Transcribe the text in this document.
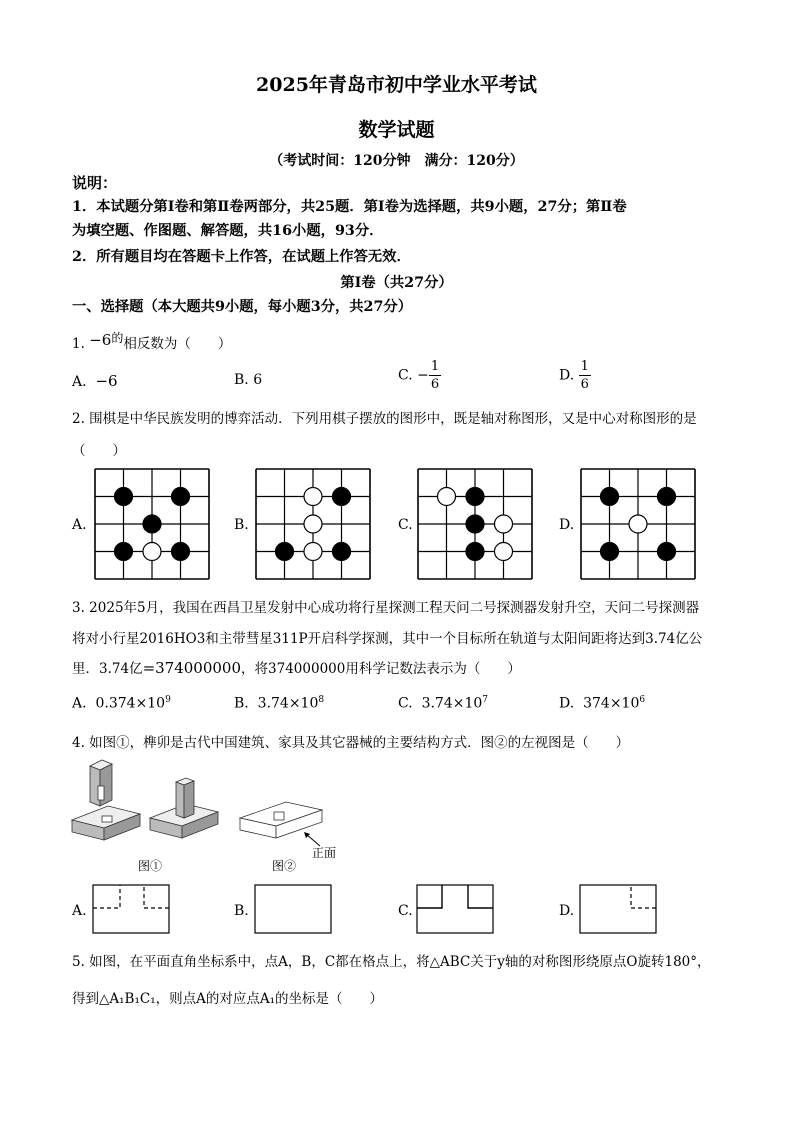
2025年青岛市初中学业水平考试
数学试题
（考试时间：120分钟　满分：120分）
说明：
1．本试题分第Ⅰ卷和第Ⅱ卷两部分，共25题．第Ⅰ卷为选择题，共9小题，27分；第Ⅱ卷
为填空题、作图题、解答题，共16小题，93分．
2．所有题目均在答题卡上作答，在试题上作答无效．
第Ⅰ卷（共27分）
一、选择题（本大题共9小题，每小题3分，共27分）
1. −6的相反数为（　　）
A. −6	B. 6	C. − $\frac{1}{6}$	D. $\frac{1}{6}$
2. 围棋是中华民族发明的博弈活动．下列用棋子摆放的图形中，既是轴对称图形，又是中心对称图形的是
（　　）
A.	B.	C.	D.
3. 2025年5月，我国在西昌卫星发射中心成功将行星探测工程天问二号探测器发射升空，天问二号探测器
将对小行星2016HO3和主带彗星311P开启科学探测，其中一个目标所在轨道与太阳间距将达到3.74亿公
里．3.74亿=374000000，将374000000用科学记数法表示为（　　）
A. $0.374\times 10^9$	B. $3.74\times 10^8$	C. $3.74\times 10^7$	D. $374\times 10^6$
4. 如图①，榫卯是古代中国建筑、家具及其它器械的主要结构方式．图②的左视图是（　　）
图①	图②
正面
A.	B.	C.	D.
5. 如图，在平面直角坐标系中，点A，B，C都在格点上，将△ABC关于y轴的对称图形绕原点O旋转180°，
得到△A₁B₁C₁，则点A的对应点A₁的坐标是（　　）
